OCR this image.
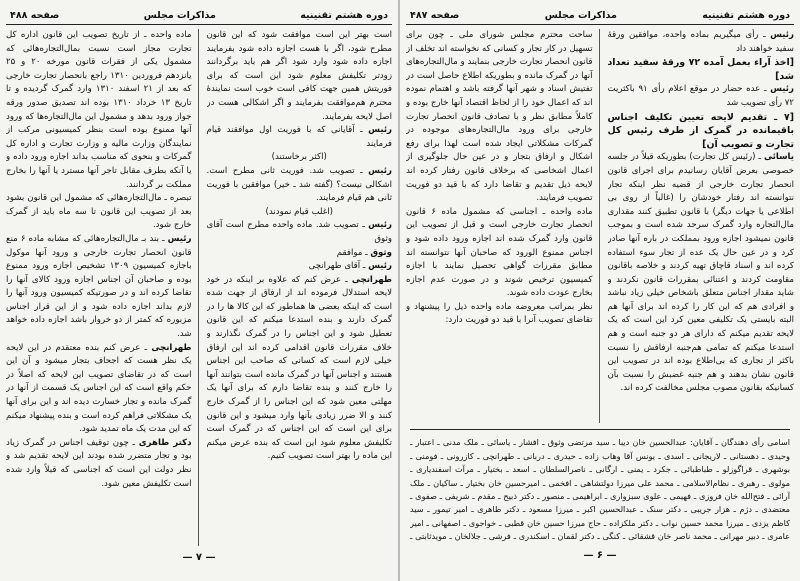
دوره هشتم تقنینیه
مذاکرات مجلس
صفحه ۴۸۸

است بهتر این است موافقت شود که این قانون مطرح شود، اگر با هست اجازه داده شود بفرمایند اجازه داده شود وارد شود اگر هم باید برگردانند زودتر تکلیفش معلوم شود این است که برای فوریتش همین جهت کافی است خوب است نمایندهٔ محترم هم‌موافقت بفرمایند و اگر اشکالی هست در اصل لایحه بفرمایند.

رئیس ـ آقایانی که با فوریت اول موافقند قیام فرمایند

(اکثر برخاستند)

رئیس ـ تصویب شد. فوریت ثانی مطرح است. اشکالی نیست؟ (گفته شد ـ خیر) موافقین با فوریت ثانی هم قیام فرمایند.

(اغلب قیام نمودند)

رئیس ـ تصویب شد. ماده واحده مطرح است آقای وثوق

وثوق ـ موافقم

رئیس ـ آقای طهرانچی

طهرانچی ـ عرض کنم که علاوه بر اینکه در خود لایحه استدلال فرموده اند از ارفاق از جهت شده است که اینکه بعضی ها هماطور که این کالا ها را در گمرک دارند و بنده استدعا میکنم که این قانون تعطیل شود و این اجناس را در گمرک نگذارند و خلاف مقررات قانون اقدامی کرده اند این ارفاق خیلی لازم است که کسانی که صاحب این اجناس هستند و اجناس آنها در گمرک مانده است بتوانند آنها را خارج کنند و بنده تقاضا دارم که برای آنها یک مهلتی معین شود که این اجناس را از گمرک خارج کنند و الا ضرر زیادی بآنها وارد میشود و این قانون برای این است که این اجناس که در گمرک است تکلیفش معلوم شود این است که بنده عرض میکنم این ماده را بهتر است تصویب کنیم.

ماده واحده ـ از تاریخ تصویب این قانون اداره کل تجارت مجاز است نسبت بمال‌التجاره‌هائی که مشمول یکی از فقرات قانون مورخه ۲۰ و ۲۵ یانزدهم فروردین ۱۳۱۰ راجع بانحصار تجارت خارجی که بعد از ۲۱ اسفند ۱۳۱۰ وارد گمرک گردیده و تا تاریخ ۱۳ خرداد ۱۳۱۰ بوده اند تصدیق صدور ورقه جواز ورود بدهد و مشمول این مال‌التجاره‌ها که ورود آنها ممنوع بوده است بنظر کمیسیونی مرکب از نمایندگان وزارت مالیه و وزارت تجارت و اداره کل گمرکات و بنحوی که مناسب بداند اجازه ورود داده و یا آنکه بطرف مقابل تاجر آنها مسترد یا آنها را بخارج مملکت بر گردانند.

تبصره ـ مال‌التجاره‌هائی که مشمول این قانون بشود بعد از تصویب این قانون تا سه ماه باید از گمرک خارج شود.

رئیس ـ بند بـ مال‌التجاره‌هائی که مشابه ماده ۶ منع قانون انحصار تجارت خارجی و ورود آنها موکول باجازه کمیسیون ۱۳۰۹ تشخیص اجازه ورود ممنوع بوده و صاحبان آن اجناس اجازه ورود کالای آنها را تقاضا کرده اند و در صورتیکه کمیسیون ورود آنها را لازم بداند اجازه داده شود و از این قرار اجناس مزبوره که کمتر از دو خروار باشد اجازه داده خواهد شد.

طهرانچی ـ عرض کنم بنده معتقدم در این لایحه یک نظر هست که اجحاف بتجار میشود و آن این است که در تقاضای تصویب این لایحه که اصلاً در حکم واقع است که این اجناس یک قسمت از آنها در گمرک مانده و تجار خسارت دیده اند و این برای آنها یک مشکلاتی فراهم کرده است و بنده پیشنهاد میکنم که این مدت یک ماه تمدید شود.

دکتر طاهری ـ چون توقیف اجناس در گمرک زیاد بود و تجار متضرر شده بودند این لایحه تقدیم شد و نظر دولت این است که اجناسی که قبلاً وارد شده است تکلیفش معین شود.

— ۷ —
دوره هشتم تقنینیه
مذاکرات مجلس
صفحه ۴۸۷

رئیس ـ رأی میگیریم بماده واحده، موافقین ورقهٔ سفید خواهند داد

[اخذ آراء بعمل آمده ۷۲ ورقهٔ سفید تعداد شد]

رئیس ـ عده حضار در موقع اعلام رأی ۹۱ باکثریت ۷۲ رأی تصویب شد

[۷ ـ تقدیم لایحه تعیین تکلیف اجناس باقیمانده در گمرک از طرف رئیس کل تجارت و تصویب آن]

یاسائی ـ (رئیس کل تجارت) بطوریکه قبلاً در جلسه خصوصی بعرض آقایان رسانیدم برای اجرای قانون انحصار تجارت خارجی از قضیه نظر اینکه تجار نتوانسته اند رفتار خودشان را (غالباً از روی بی اطلاعی یا جهات دیگر) با قانون تطبیق کنند مقداری مال‌التجاره وارد گمرک سرحد شده است و بموجب قانون نمیشود اجازه ورود بمملکت در باره آنها صادر کرد و در عین حال یک عده از تجار سوء استفاده کرده اند و اسناد قاچاق تهیه کردند و خلاصه باقانون مقاومت کردند و اعتنائی بمقررات قانون نکردند و شاید مقدار اجناس متعلق باشخاص خیلی زیاد نباشد و افرادی هم که این کار را کرده اند برای آنها هم البته بایستی یک تکلیفی معین کرد این است که یک لایحه تقدیم میکنم که دارای هر دو جنبه است و هم استدعا میکنم که تمامی هم‌جنبه ارفاقش را نسبت باکثر از تجاری که بی‌اطلاع بوده اند در تصویب این قانون نشان بدهند و هم جنبه غضبش را نسبت بآن کسانیکه بقانون مصوب مجلس مخالفت کرده اند.

ساحت محترم مجلس شورای ملی ـ چون برای تسهیل در کار تجار و کسانی که نخواسته اند تخلف از قانون انحصار تجارت خارجی بنمایند و مال‌التجاره‌های آنها در گمرک مانده و بطوریکه اطلاع حاصل است در تفتیش اسناد و شهر آنها گرفته باشد و اهتمام نموده اند که اعمال خود را از لحاظ اقتصاد آنها خارج بوده و کاملاً مطابق نظر و با تصادف قانون انحصار تجارت خارجی برای ورود مال‌التجاره‌های موجوده در گمرکات مشکلاتی ایجاد شده است لهذا برای رفع اشکال و ارفاق بتجار و در عین حال جلوگیری از اعمال اشخاصی که برخلاف قانون رفتار کرده اند لایحه ذیل تقدیم و تقاضا دارد که با قید دو فوریت تصویب فرمایند.

ماده واحده ـ اجناسی که مشمول ماده ۶ قانون انحصار تجارت خارجی است و قبل از تصویب این قانون وارد گمرک شده اند اجازه ورود داده شود و اجناس ممنوع الورود که صاحبان آنها نتوانسته اند مطابق مقررات گواهی تحصیل نمایند با اجازه کمیسیون ترخیص شوند و در صورت عدم اجازه بخارج عودت داده شوند.

نظر بمراتب معروضه ماده واحده ذیل را پیشنهاد و تقاضای تصویب آنرا با قید دو فوریت دارد:

اسامی رأی دهندگان ـ آقایان: عبدالحسین خان دیبا ـ سید مرتضی وثوق ـ افشار ـ یاسائی ـ ملک مدنی ـ اعتبار ـ وحیدی ـ دهستانی ـ لاریجانی ـ اسدی ـ یونس آقا وهاب زاده ـ حیدری ـ دربانی ـ طهرانچی ـ کازرونی ـ فومنی ـ بوشهری ـ قراگوزلو ـ طباطبائی ـ جکرد ـ یمنی ـ ارگانی ـ ناصرالسلطان ـ اسعد ـ بختیار ـ مرآت اسفندیاری ـ مولوی ـ رهبری ـ نظام‌الاسلامی ـ محمد علی میرزا دولتشاهی ـ افخمی ـ امیرحسین خان بختیار ـ ساکیان ـ ملک آرائی ـ فتح‌الله خان فروزی ـ فهیمی ـ علوی سبزواری ـ ابراهیمی ـ منصور ـ دکتر ذبیح ـ مقدم ـ شریفی ـ صفوی ـ معتضدی ـ دژم ـ هزار جریبی ـ دکتر سنک ـ عبدالحسین اکبر ـ میرزا مسعود ـ دکتر طاهری ـ امیر تیمور ـ سید کاظم یزدی ـ میرزا محمد حسین نواب ـ دکتر ملکزاده ـ حاج میرزا حسین خان قطبی ـ خواجوی ـ اصفهانی ـ امیر عامری ـ دبیر مهرانی ـ محمد ناصر خان قشقائی ـ کنگی ـ دکتر لقمان ـ اسکندری ـ فرشی ـ جلالخان ـ مویدثابتی ـ
— ۶ —
